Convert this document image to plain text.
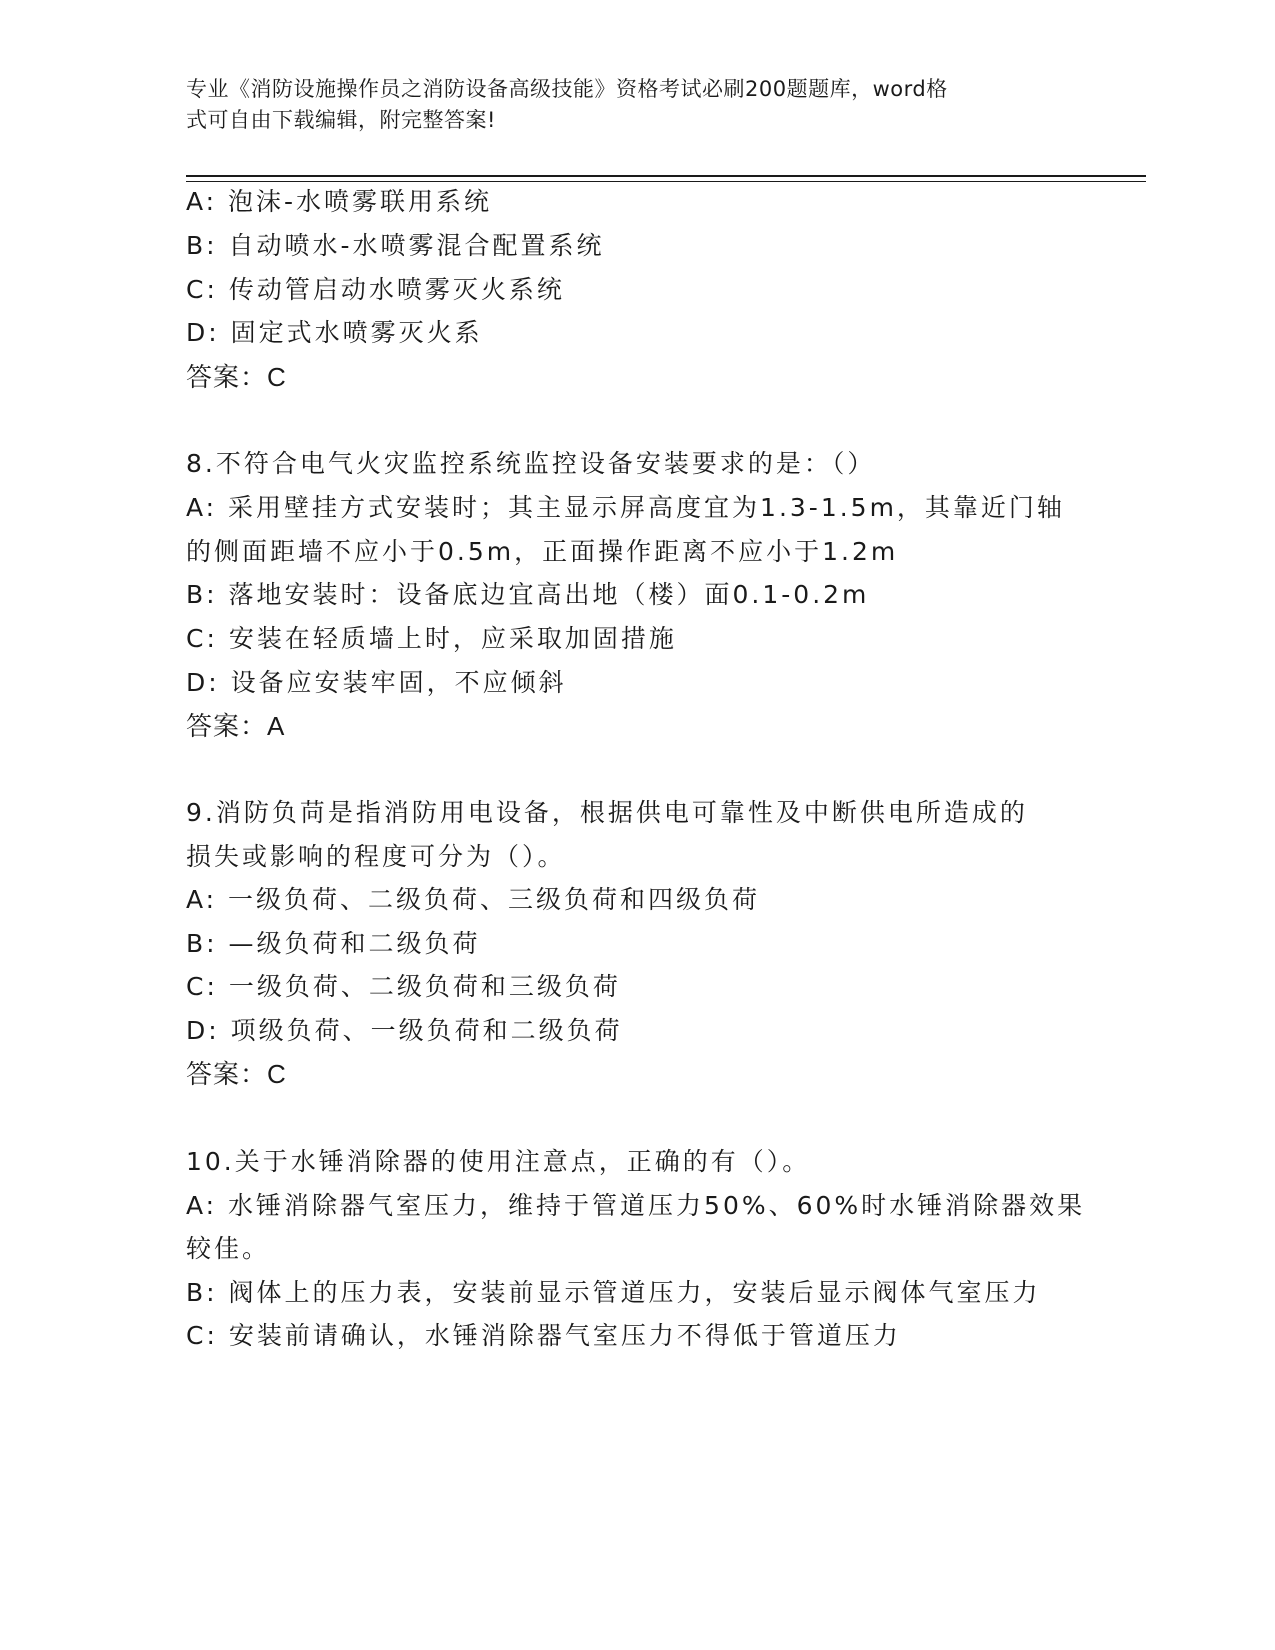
专业《消防设施操作员之消防设备高级技能》资格考试必刷200题题库，word格
式可自由下载编辑，附完整答案!
A: 泡沫-水喷雾联用系统
B: 自动喷水-水喷雾混合配置系统
C: 传动管启动水喷雾灭火系统
D: 固定式水喷雾灭火系
答案：C
8.不符合电气火灾监控系统监控设备安装要求的是：（）
A: 采用壁挂方式安装时；其主显示屏高度宜为1.3-1.5m，其靠近门轴
的侧面距墙不应小于0.5m，正面操作距离不应小于1.2m
B: 落地安装时：设备底边宜高出地（楼）面0.1-0.2m
C: 安装在轻质墙上时，应采取加固措施
D: 设备应安装牢固，不应倾斜
答案：A
9.消防负苘是指消防用电设备，根据供电可靠性及中断供电所造成的
损失或影响的程度可分为（）。
A: 一级负荷、二级负荷、三级负荷和四级负荷
B: —级负荷和二级负荷
C: 一级负荷、二级负荷和三级负荷
D: 项级负荷、一级负荷和二级负荷
答案：C
10.关于水锤消除器的使用注意点，正确的有（）。
A: 水锤消除器气室压力，维持于管道压力50%、60%时水锤消除器效果
较佳。
B: 阀体上的压力表，安装前显示管道压力，安装后显示阀体气室压力
C: 安装前请确认，水锤消除器气室压力不得低于管道压力
